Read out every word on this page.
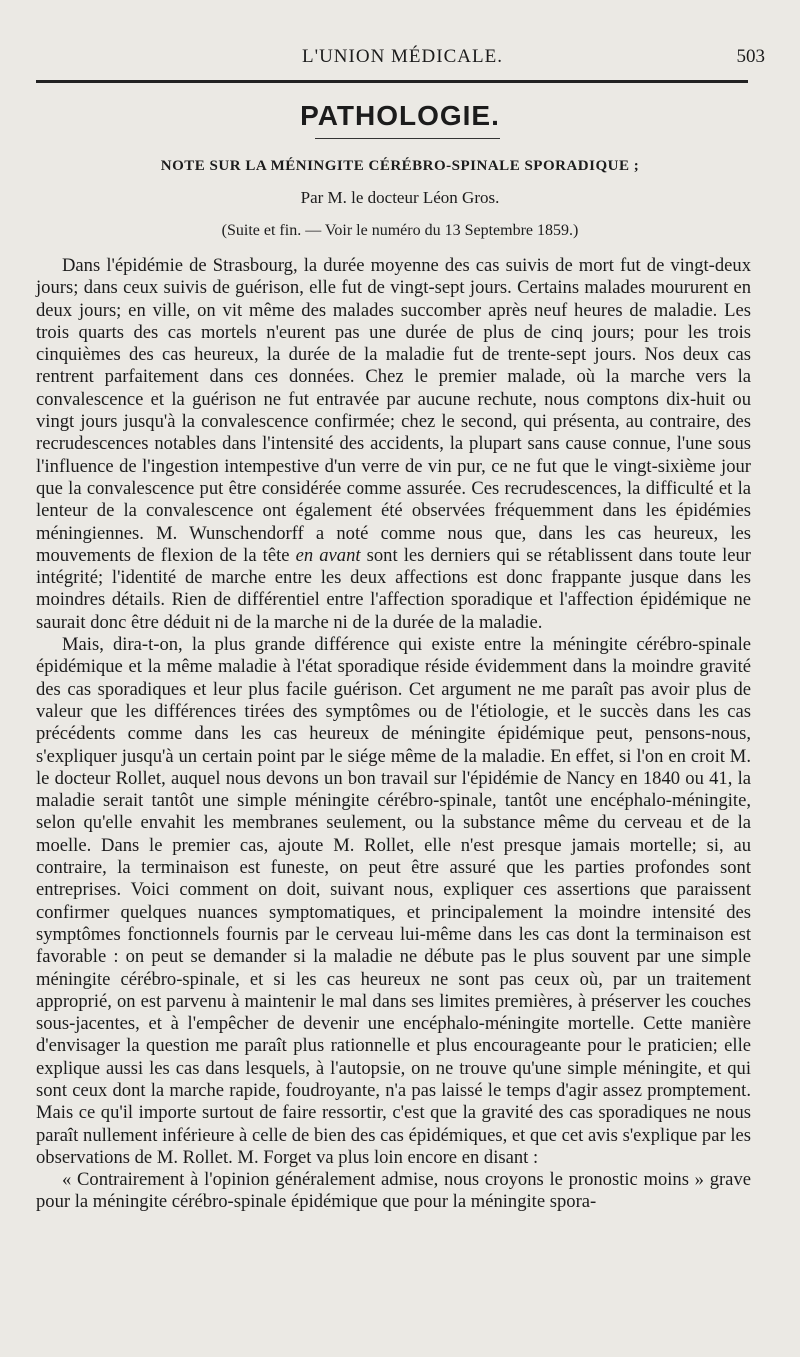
L'UNION MÉDICALE.	503
PATHOLOGIE.
NOTE SUR LA MÉNINGITE CÉRÉBRO-SPINALE SPORADIQUE ;
Par M. le docteur Léon Gros.
(Suite et fin. — Voir le numéro du 13 Septembre 1859.)

Dans l'épidémie de Strasbourg, la durée moyenne des cas suivis de mort fut de vingt-deux jours; dans ceux suivis de guérison, elle fut de vingt-sept jours. Certains malades moururent en deux jours; en ville, on vit même des malades succomber après neuf heures de maladie. Les trois quarts des cas mortels n'eurent pas une durée de plus de cinq jours; pour les trois cinquièmes des cas heureux, la durée de la maladie fut de trente-sept jours. Nos deux cas rentrent parfaitement dans ces données. Chez le premier malade, où la marche vers la convalescence et la guérison ne fut entravée par aucune rechute, nous comptons dix-huit ou vingt jours jusqu'à la convalescence confirmée; chez le second, qui présenta, au contraire, des recrudescences notables dans l'intensité des accidents, la plupart sans cause connue, l'une sous l'influence de l'ingestion intempestive d'un verre de vin pur, ce ne fut que le vingt-sixième jour que la convalescence put être considérée comme assurée. Ces recrudescences, la difficulté et la lenteur de la convalescence ont également été observées fréquemment dans les épidémies méningiennes. M. Wunschendorff a noté comme nous que, dans les cas heureux, les mouvements de flexion de la tête en avant sont les derniers qui se rétablissent dans toute leur intégrité; l'identité de marche entre les deux affections est donc frappante jusque dans les moindres détails. Rien de différentiel entre l'affection sporadique et l'affection épidémique ne saurait donc être déduit ni de la marche ni de la durée de la maladie.

Mais, dira-t-on, la plus grande différence qui existe entre la méningite cérébro-spinale épidémique et la même maladie à l'état sporadique réside évidemment dans la moindre gravité des cas sporadiques et leur plus facile guérison. Cet argument ne me paraît pas avoir plus de valeur que les différences tirées des symptômes ou de l'étiologie, et le succès dans les cas précédents comme dans les cas heureux de méningite épidémique peut, pensons-nous, s'expliquer jusqu'à un certain point par le siége même de la maladie. En effet, si l'on en croit M. le docteur Rollet, auquel nous devons un bon travail sur l'épidémie de Nancy en 1840 ou 41, la maladie serait tantôt une simple méningite cérébro-spinale, tantôt une encéphalo-méningite, selon qu'elle envahit les membranes seulement, ou la substance même du cerveau et de la moelle. Dans le premier cas, ajoute M. Rollet, elle n'est presque jamais mortelle; si, au contraire, la terminaison est funeste, on peut être assuré que les parties profondes sont entreprises. Voici comment on doit, suivant nous, expliquer ces assertions que paraissent confirmer quelques nuances symptomatiques, et principalement la moindre intensité des symptômes fonctionnels fournis par le cerveau lui-même dans les cas dont la terminaison est favorable : on peut se demander si la maladie ne débute pas le plus souvent par une simple méningite cérébro-spinale, et si les cas heureux ne sont pas ceux où, par un traitement approprié, on est parvenu à maintenir le mal dans ses limites premières, à préserver les couches sous-jacentes, et à l'empêcher de devenir une encéphalo-méningite mortelle. Cette manière d'envisager la question me paraît plus rationnelle et plus encourageante pour le praticien; elle explique aussi les cas dans lesquels, à l'autopsie, on ne trouve qu'une simple méningite, et qui sont ceux dont la marche rapide, foudroyante, n'a pas laissé le temps d'agir assez promptement. Mais ce qu'il importe surtout de faire ressortir, c'est que la gravité des cas sporadiques ne nous paraît nullement inférieure à celle de bien des cas épidémiques, et que cet avis s'explique par les observations de M. Rollet. M. Forget va plus loin encore en disant :

« Contrairement à l'opinion généralement admise, nous croyons le pronostic moins » grave pour la méningite cérébro-spinale épidémique que pour la méningite spora-
